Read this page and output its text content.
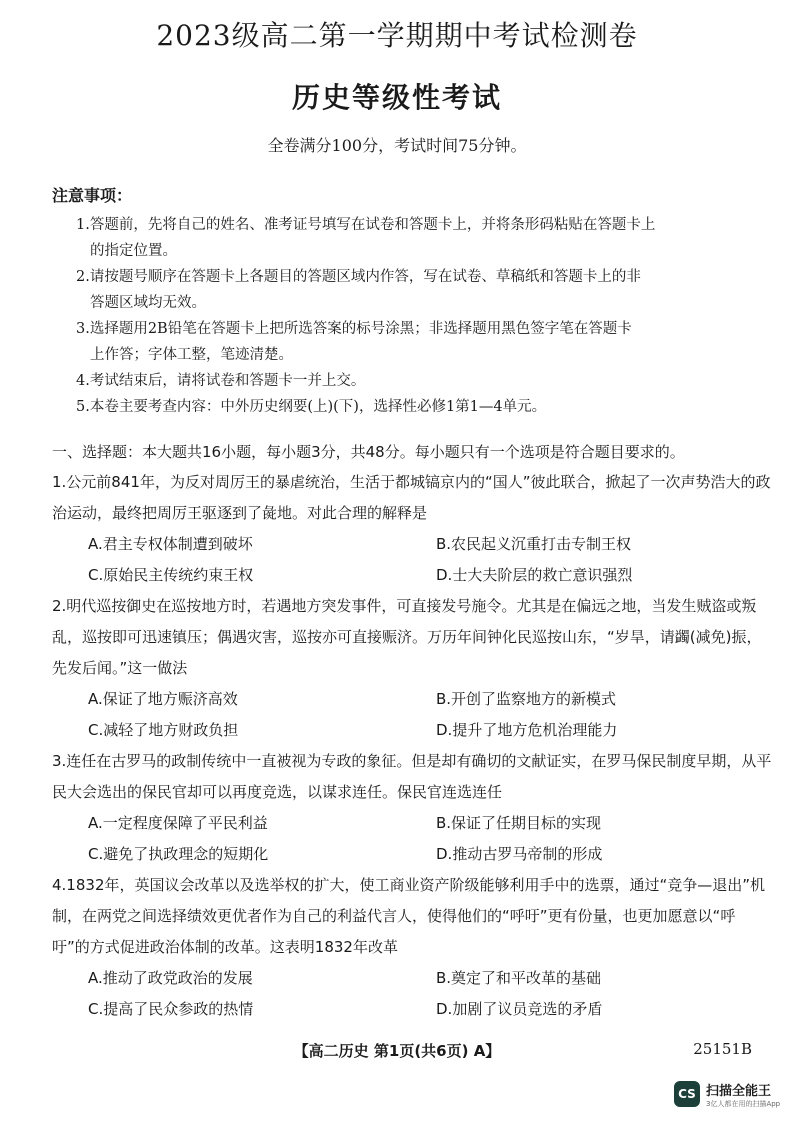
2023级高二第一学期期中考试检测卷
历史等级性考试
全卷满分100分，考试时间75分钟。
注意事项：

1.答题前，先将自己的姓名、准考证号填写在试卷和答题卡上，并将条形码粘贴在答题卡上
的指定位置。

2.请按题号顺序在答题卡上各题目的答题区域内作答，写在试卷、草稿纸和答题卡上的非
答题区域均无效。

3.选择题用2B铅笔在答题卡上把所选答案的标号涂黑；非选择题用黑色签字笔在答题卡
上作答；字体工整，笔迹清楚。

4.考试结束后，请将试卷和答题卡一并上交。

5.本卷主要考查内容：中外历史纲要(上)(下)，选择性必修1第1—4单元。

一、选择题：本大题共16小题，每小题3分，共48分。每小题只有一个选项是符合题目要求的。

1.公元前841年，为反对周厉王的暴虐统治，生活于都城镐京内的“国人”彼此联合，掀起了一次声势浩大的政治运动，最终把周厉王驱逐到了彘地。对此合理的解释是

A.君主专权体制遭到破坏	B.农民起义沉重打击专制王权
C.原始民主传统约束王权	D.士大夫阶层的救亡意识强烈

2.明代巡按御史在巡按地方时，若遇地方突发事件，可直接发号施令。尤其是在偏远之地，当发生贼盗或叛乱，巡按即可迅速镇压；偶遇灾害，巡按亦可直接赈济。万历年间钟化民巡按山东，“岁旱，请蠲(减免)振，先发后闻。”这一做法

A.保证了地方赈济高效	B.开创了监察地方的新模式
C.减轻了地方财政负担	D.提升了地方危机治理能力

3.连任在古罗马的政制传统中一直被视为专政的象征。但是却有确切的文献证实，在罗马保民制度早期，从平民大会选出的保民官却可以再度竞选，以谋求连任。保民官连选连任

A.一定程度保障了平民利益	B.保证了任期目标的实现
C.避免了执政理念的短期化	D.推动古罗马帝制的形成

4.1832年，英国议会改革以及选举权的扩大，使工商业资产阶级能够利用手中的选票，通过“竞争—退出”机制，在两党之间选择绩效更优者作为自己的利益代言人，使得他们的“呼吁”更有份量，也更加愿意以“呼吁”的方式促进政治体制的改革。这表明1832年改革

A.推动了政党政治的发展	B.奠定了和平改革的基础
C.提高了民众参政的热情	D.加剧了议员竞选的矛盾
【高二历史 第1页(共6页) A】	25151B
CS 扫描全能王
3亿人都在用的扫描App
